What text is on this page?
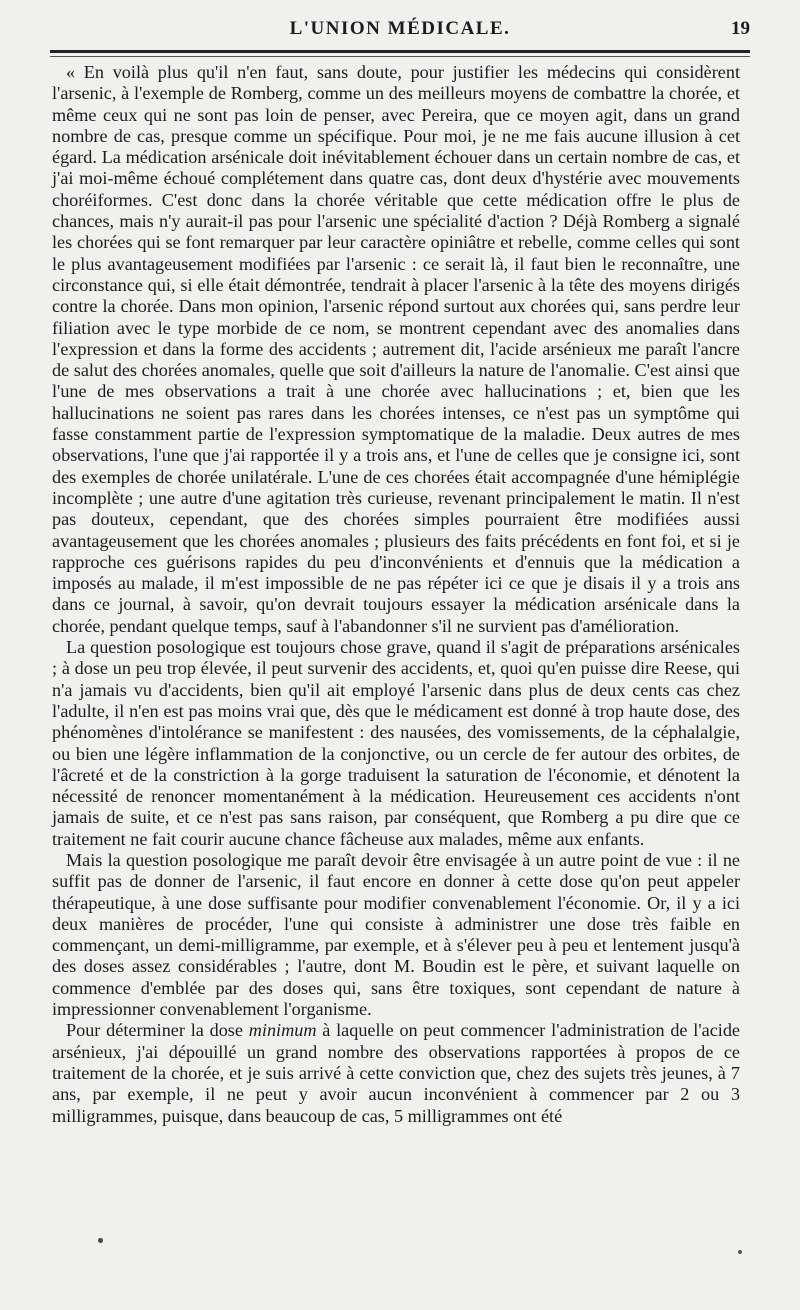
L'UNION MÉDICALE.	19

« En voilà plus qu'il n'en faut, sans doute, pour justifier les médecins qui considèrent l'arsenic, à l'exemple de Romberg, comme un des meilleurs moyens de combattre la chorée, et même ceux qui ne sont pas loin de penser, avec Pereira, que ce moyen agit, dans un grand nombre de cas, presque comme un spécifique. Pour moi, je ne me fais aucune illusion à cet égard. La médication arsénicale doit inévitablement échouer dans un certain nombre de cas, et j'ai moi-même échoué complétement dans quatre cas, dont deux d'hystérie avec mouvements choréiformes. C'est donc dans la chorée véritable que cette médication offre le plus de chances, mais n'y aurait-il pas pour l'arsenic une spécialité d'action ? Déjà Romberg a signalé les chorées qui se font remarquer par leur caractère opiniâtre et rebelle, comme celles qui sont le plus avantageusement modifiées par l'arsenic : ce serait là, il faut bien le reconnaître, une circonstance qui, si elle était démontrée, tendrait à placer l'arsenic à la tête des moyens dirigés contre la chorée. Dans mon opinion, l'arsenic répond surtout aux chorées qui, sans perdre leur filiation avec le type morbide de ce nom, se montrent cependant avec des anomalies dans l'expression et dans la forme des accidents ; autrement dit, l'acide arsénieux me paraît l'ancre de salut des chorées anomales, quelle que soit d'ailleurs la nature de l'anomalie. C'est ainsi que l'une de mes observations a trait à une chorée avec hallucinations ; et, bien que les hallucinations ne soient pas rares dans les chorées intenses, ce n'est pas un symptôme qui fasse constamment partie de l'expression symptomatique de la maladie. Deux autres de mes observations, l'une que j'ai rapportée il y a trois ans, et l'une de celles que je consigne ici, sont des exemples de chorée unilatérale. L'une de ces chorées était accompagnée d'une hémiplégie incomplète ; une autre d'une agitation très curieuse, revenant principalement le matin. Il n'est pas douteux, cependant, que des chorées simples pourraient être modifiées aussi avantageusement que les chorées anomales ; plusieurs des faits précédents en font foi, et si je rapproche ces guérisons rapides du peu d'inconvénients et d'ennuis que la médication a imposés au malade, il m'est impossible de ne pas répéter ici ce que je disais il y a trois ans dans ce journal, à savoir, qu'on devrait toujours essayer la médication arsénicale dans la chorée, pendant quelque temps, sauf à l'abandonner s'il ne survient pas d'amélioration.

La question posologique est toujours chose grave, quand il s'agit de préparations arsénicales ; à dose un peu trop élevée, il peut survenir des accidents, et, quoi qu'en puisse dire Reese, qui n'a jamais vu d'accidents, bien qu'il ait employé l'arsenic dans plus de deux cents cas chez l'adulte, il n'en est pas moins vrai que, dès que le médicament est donné à trop haute dose, des phénomènes d'intolérance se manifestent : des nausées, des vomissements, de la céphalalgie, ou bien une légère inflammation de la conjonctive, ou un cercle de fer autour des orbites, de l'âcreté et de la constriction à la gorge traduisent la saturation de l'économie, et dénotent la nécessité de renoncer momentanément à la médication. Heureusement ces accidents n'ont jamais de suite, et ce n'est pas sans raison, par conséquent, que Romberg a pu dire que ce traitement ne fait courir aucune chance fâcheuse aux malades, même aux enfants.

Mais la question posologique me paraît devoir être envisagée à un autre point de vue : il ne suffit pas de donner de l'arsenic, il faut encore en donner à cette dose qu'on peut appeler thérapeutique, à une dose suffisante pour modifier convenablement l'économie. Or, il y a ici deux manières de procéder, l'une qui consiste à administrer une dose très faible en commençant, un demi-milligramme, par exemple, et à s'élever peu à peu et lentement jusqu'à des doses assez considérables ; l'autre, dont M. Boudin est le père, et suivant laquelle on commence d'emblée par des doses qui, sans être toxiques, sont cependant de nature à impressionner convenablement l'organisme.

Pour déterminer la dose minimum à laquelle on peut commencer l'administration de l'acide arsénieux, j'ai dépouillé un grand nombre des observations rapportées à propos de ce traitement de la chorée, et je suis arrivé à cette conviction que, chez des sujets très jeunes, à 7 ans, par exemple, il ne peut y avoir aucun inconvénient à commencer par 2 ou 3 milligrammes, puisque, dans beaucoup de cas, 5 milligrammes ont été
